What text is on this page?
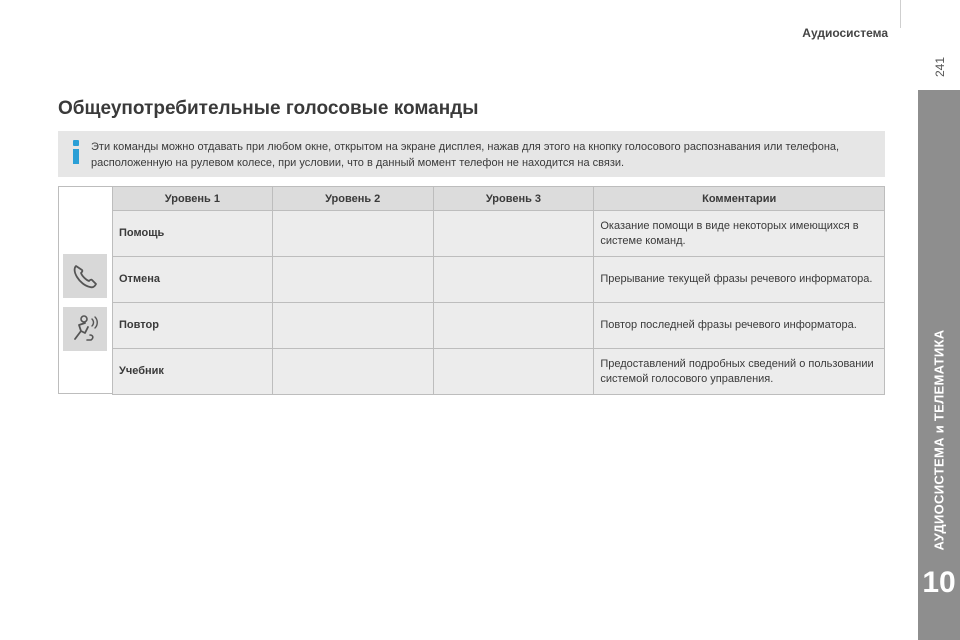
Аудиосистема
241
АУДИОСИСТЕМА и ТЕЛЕМАТИКА
10
Общеупотребительные голосовые команды
Эти команды можно отдавать при любом окне, открытом на экране дисплея, нажав для этого на кнопку голосового распознавания или телефона, расположенную на рулевом колесе, при условии, что в данный момент телефон не находится на связи.
Уровень 1	Уровень 2	Уровень 3	Комментарии
Помощь			Оказание помощи в виде некоторых имеющихся в системе команд.
Отмена			Прерывание текущей фразы речевого информатора.
Повтор			Повтор последней фразы речевого информатора.
Учебник			Предоставлений подробных сведений о пользовании системой голосового управления.
